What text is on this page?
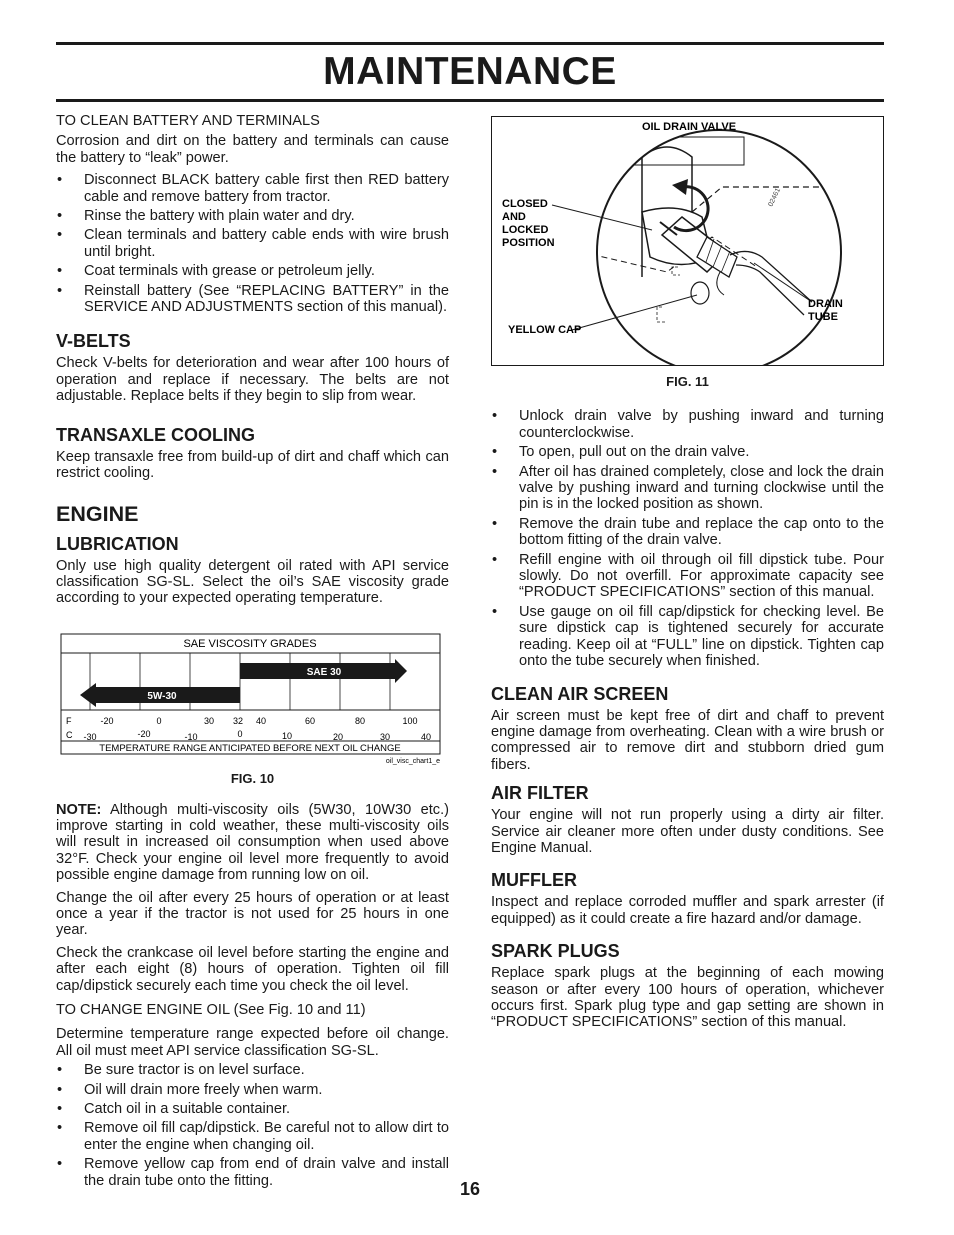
MAINTENANCE

TO CLEAN BATTERY AND TERMINALS

Corrosion and dirt on the battery and terminals can cause the battery to “leak” power.

• Disconnect BLACK battery cable first then RED battery cable and remove battery from tractor.
• Rinse the battery with plain water and dry.
• Clean terminals and battery cable ends with wire brush until bright.
• Coat terminals with grease or petroleum jelly.
• Reinstall battery (See “REPLACING BATTERY” in the SERVICE AND ADJUSTMENTS section of this manual).
V-BELTS

Check V-belts for deterioration and wear after 100 hours of operation and replace if necessary. The belts are not adjustable. Replace belts if they begin to slip from wear.

TRANSAXLE COOLING

Keep transaxle free from build-up of dirt and chaff which can restrict cooling.

ENGINE
LUBRICATION

Only use high quality detergent oil rated with API service classification SG-SL. Select the oil’s SAE viscosity grade according to your expected operating temperature.

SAE VISCOSITY GRADES
5W-30
SAE 30
F	-20	0	30 32 40	60	80	100
C -30	-20	-10	0	10	20	30	40
TEMPERATURE RANGE ANTICIPATED BEFORE NEXT OIL CHANGE
oil_visc_chart1_e
FIG. 10

NOTE: Although multi-viscosity oils (5W30, 10W30 etc.) improve starting in cold weather, these multi-viscosity oils will result in increased oil consumption when used above 32°F. Check your engine oil level more frequently to avoid possible engine damage from running low on oil.

Change the oil after every 25 hours of operation or at least once a year if the tractor is not used for 25 hours in one year.

Check the crankcase oil level before starting the engine and after each eight (8) hours of operation. Tighten oil fill cap/dipstick securely each time you check the oil level.

TO CHANGE ENGINE OIL (See Fig. 10 and 11)

Determine temperature range expected before oil change. All oil must meet API service classification SG-SL.

• Be sure tractor is on level surface.
• Oil will drain more freely when warm.
• Catch oil in a suitable container.
• Remove oil fill cap/dipstick. Be careful not to allow dirt to enter the engine when changing oil.
• Remove yellow cap from end of drain valve and install the drain tube onto the fitting.
OIL DRAIN VALVE
CLOSED
AND
LOCKED
POSITION
DRAIN
TUBE
YELLOW CAP
02461
FIG. 11
• Unlock drain valve by pushing inward and turning counterclockwise.
• To open, pull out on the drain valve.
• After oil has drained completely, close and lock the drain valve by pushing inward and turning clockwise until the pin is in the locked position as shown.
• Remove the drain tube and replace the cap onto to the bottom fitting of the drain valve.
• Refill engine with oil through oil fill dipstick tube. Pour slowly. Do not overfill. For approximate capacity see “PRODUCT SPECIFICATIONS” section of this manual.
• Use gauge on oil fill cap/dipstick for checking level. Be sure dipstick cap is tightened securely for accurate reading. Keep oil at “FULL” line on dipstick. Tighten cap onto the tube securely when finished.
CLEAN AIR SCREEN

Air screen must be kept free of dirt and chaff to prevent engine damage from overheating. Clean with a wire brush or compressed air to remove dirt and stubborn dried gum fibers.

AIR FILTER

Your engine will not run properly using a dirty air filter. Service air cleaner more often under dusty conditions. See Engine Manual.

MUFFLER

Inspect and replace corroded muffler and spark arrester (if equipped) as it could create a fire hazard and/or damage.

SPARK PLUGS

Replace spark plugs at the beginning of each mowing season or after every 100 hours of operation, whichever occurs first. Spark plug type and gap setting are shown in “PRODUCT SPECIFICATIONS” section of this manual.

16
